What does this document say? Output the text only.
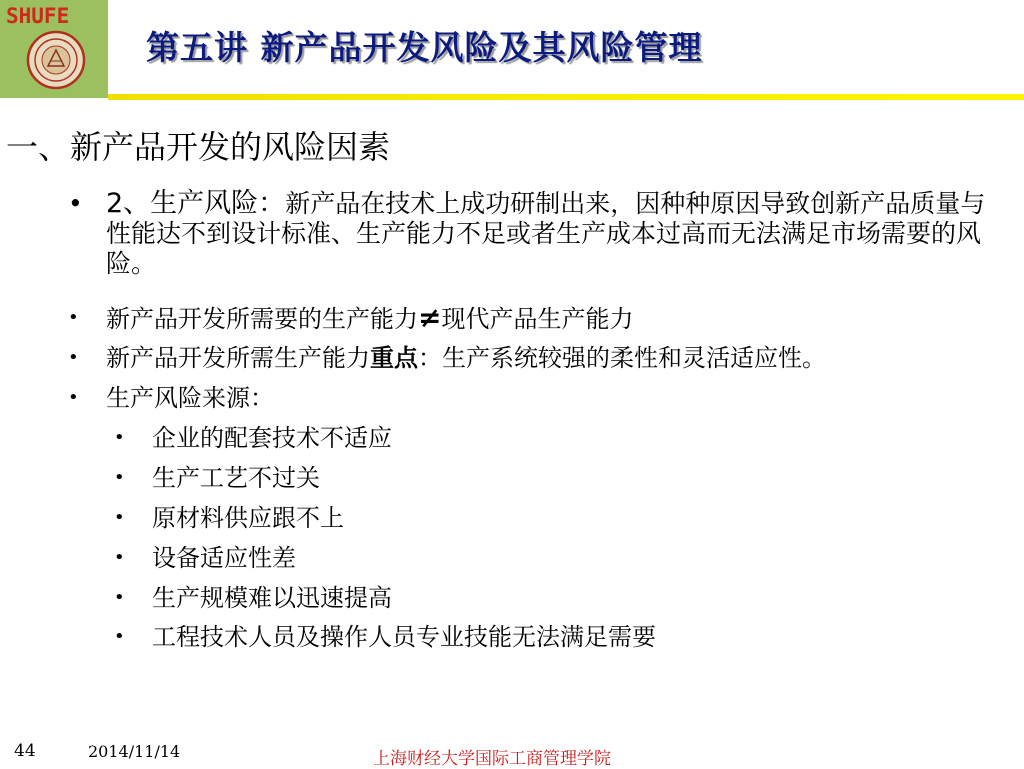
SHUFE
第五讲 新产品开发风险及其风险管理
一、新产品开发的风险因素
• 2、生产风险：新产品在技术上成功研制出来，因种种原因导致创新产品质量与性能达不到设计标准、生产能力不足或者生产成本过高而无法满足市场需要的风险。
• 新产品开发所需要的生产能力≠现代产品生产能力
• 新产品开发所需生产能力重点：生产系统较强的柔性和灵活适应性。
• 生产风险来源：
• 企业的配套技术不适应
• 生产工艺不过关
• 原材料供应跟不上
• 设备适应性差
• 生产规模难以迅速提高
• 工程技术人员及操作人员专业技能无法满足需要
44	2014/11/14	上海财经大学国际工商管理学院
